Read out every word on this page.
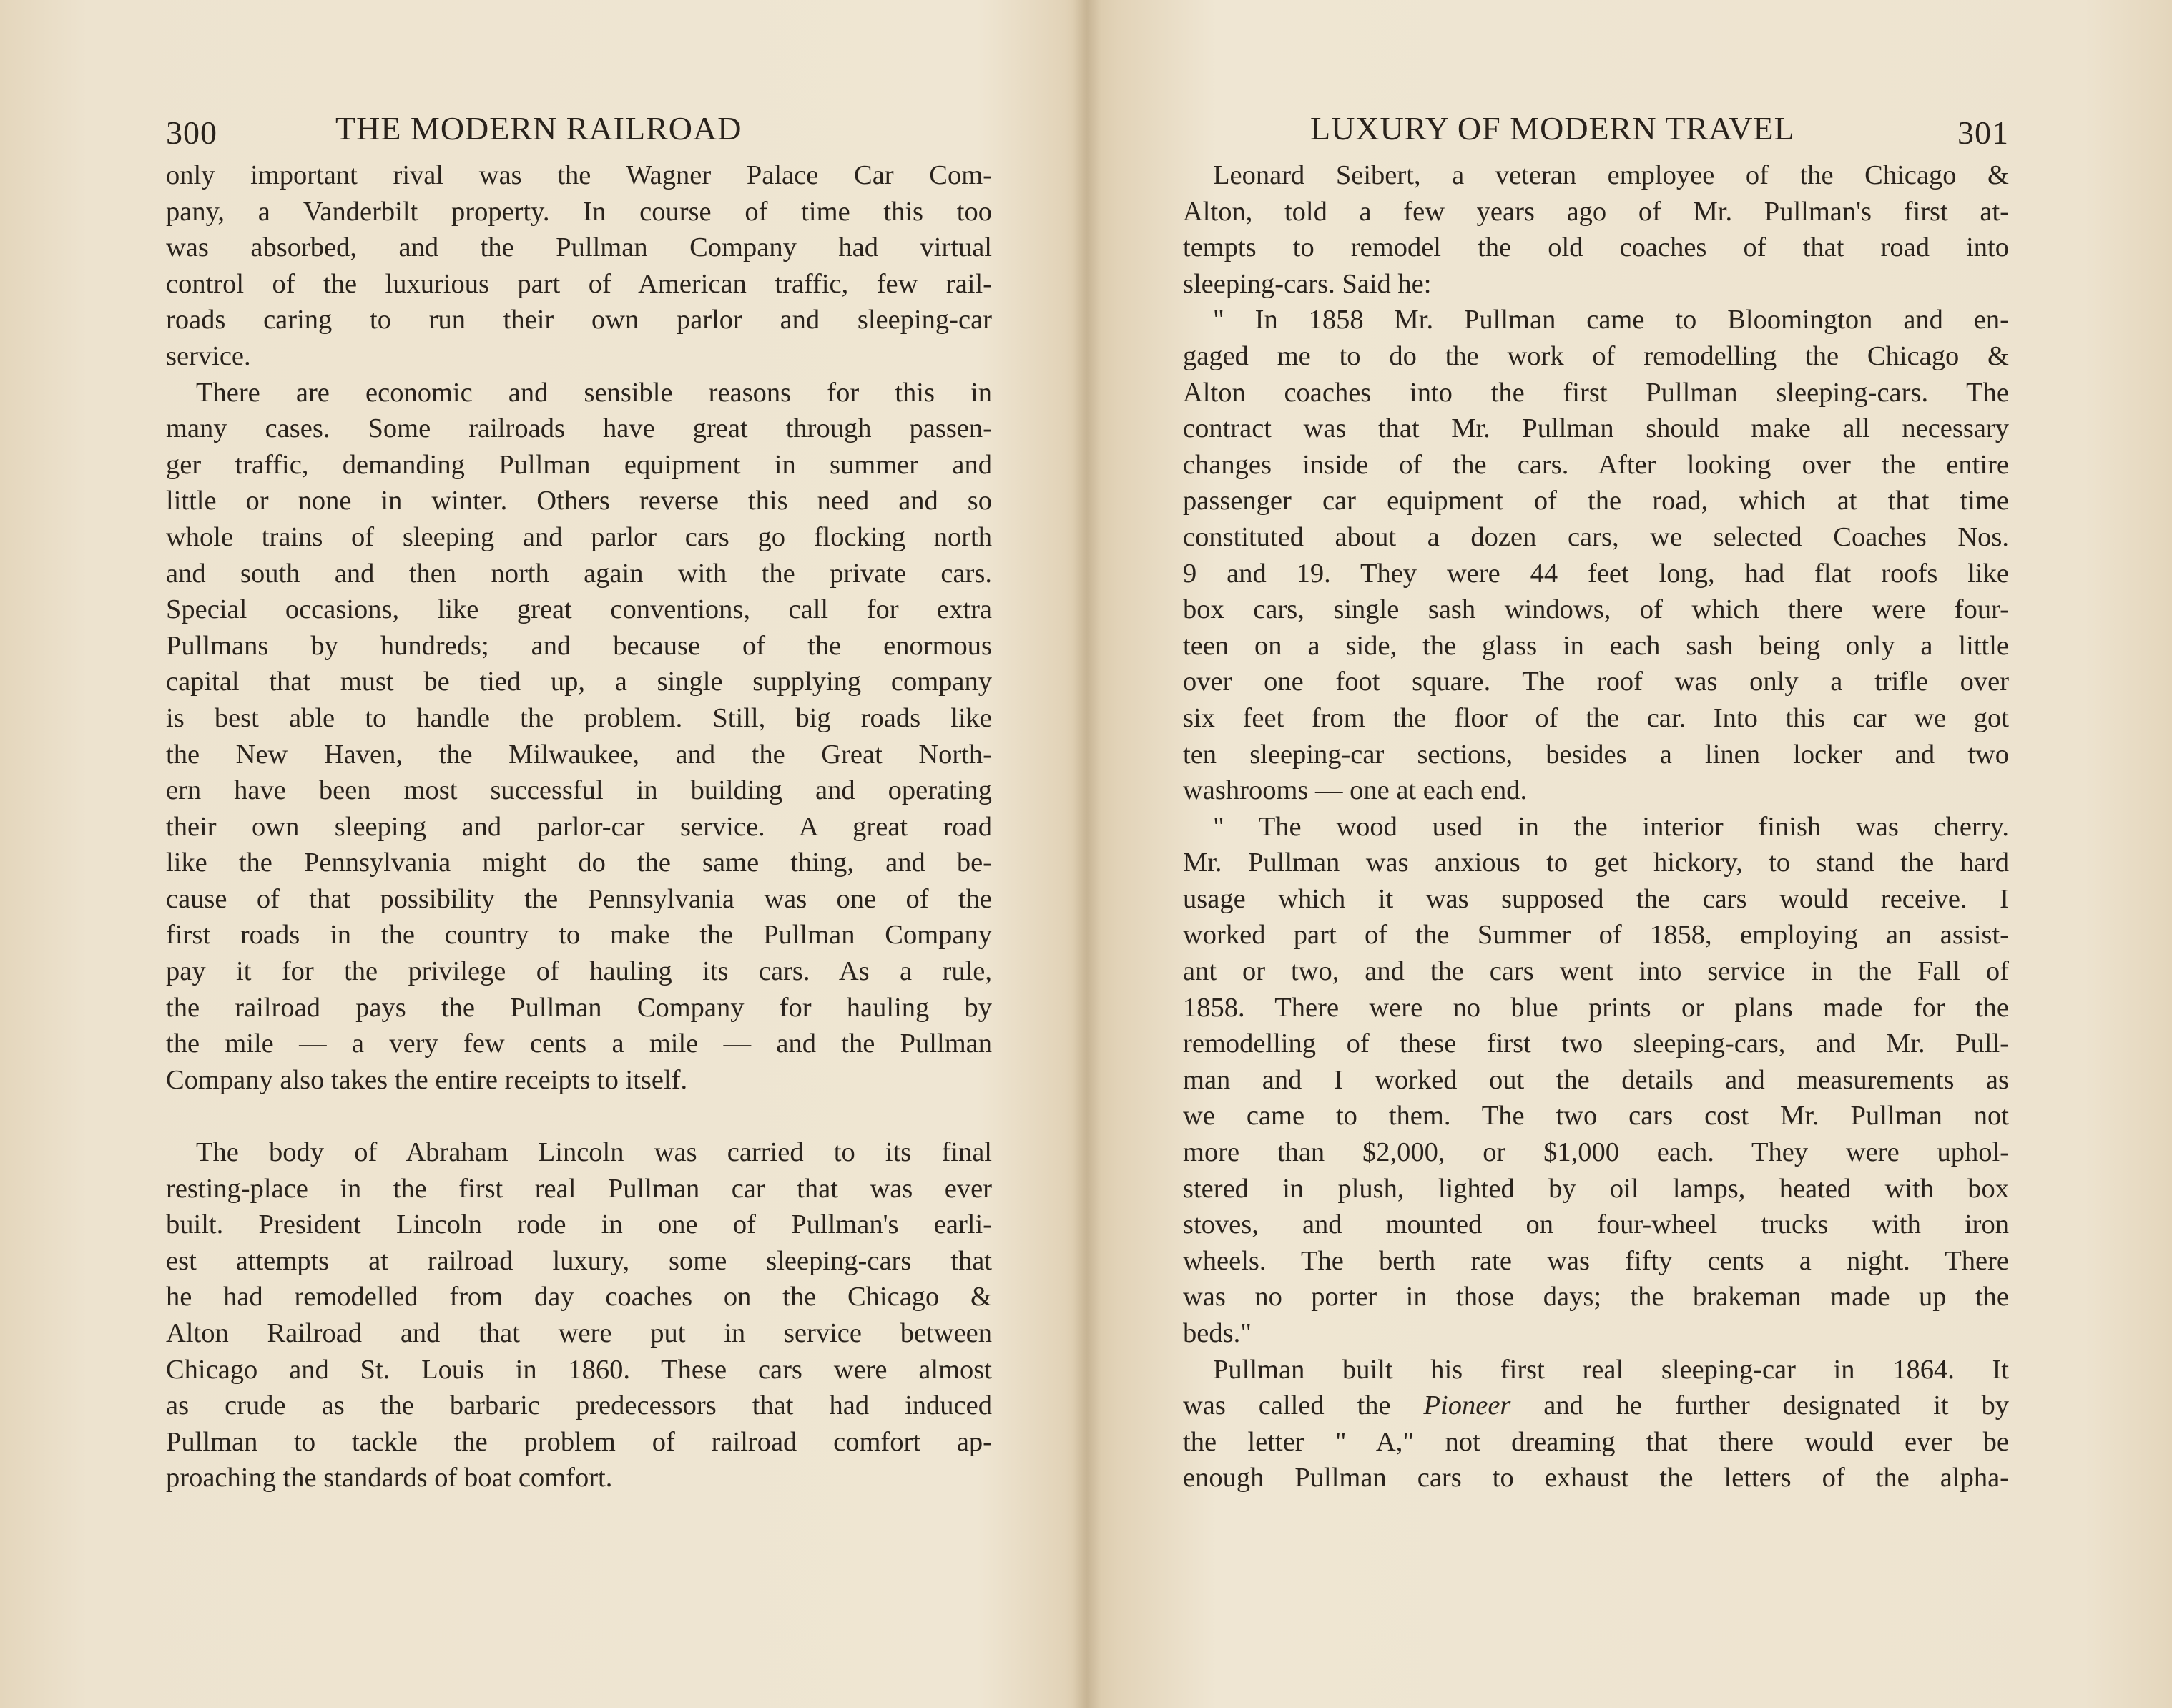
300	THE MODERN RAILROAD

only important rival was the Wagner Palace Car Com-

pany, a Vanderbilt property. In course of time this too

was absorbed, and the Pullman Company had virtual

control of the luxurious part of American traffic, few rail-

roads caring to run their own parlor and sleeping-car

service.

There are economic and sensible reasons for this in

many cases. Some railroads have great through passen-

ger traffic, demanding Pullman equipment in summer and

little or none in winter. Others reverse this need and so

whole trains of sleeping and parlor cars go flocking north

and south and then north again with the private cars.

Special occasions, like great conventions, call for extra

Pullmans by hundreds; and because of the enormous

capital that must be tied up, a single supplying company

is best able to handle the problem. Still, big roads like

the New Haven, the Milwaukee, and the Great North-

ern have been most successful in building and operating

their own sleeping and parlor-car service. A great road

like the Pennsylvania might do the same thing, and be-

cause of that possibility the Pennsylvania was one of the

first roads in the country to make the Pullman Company

pay it for the privilege of hauling its cars. As a rule,

the railroad pays the Pullman Company for hauling by

the mile — a very few cents a mile — and the Pullman

Company also takes the entire receipts to itself.

The body of Abraham Lincoln was carried to its final

resting-place in the first real Pullman car that was ever

built. President Lincoln rode in one of Pullman's earli-

est attempts at railroad luxury, some sleeping-cars that

he had remodelled from day coaches on the Chicago &

Alton Railroad and that were put in service between

Chicago and St. Louis in 1860. These cars were almost

as crude as the barbaric predecessors that had induced

Pullman to tackle the problem of railroad comfort ap-

proaching the standards of boat comfort.

LUXURY OF MODERN TRAVEL	301

Leonard Seibert, a veteran employee of the Chicago &

Alton, told a few years ago of Mr. Pullman's first at-

tempts to remodel the old coaches of that road into

sleeping-cars. Said he:

" In 1858 Mr. Pullman came to Bloomington and en-

gaged me to do the work of remodelling the Chicago &

Alton coaches into the first Pullman sleeping-cars. The

contract was that Mr. Pullman should make all necessary

changes inside of the cars. After looking over the entire

passenger car equipment of the road, which at that time

constituted about a dozen cars, we selected Coaches Nos.

9 and 19. They were 44 feet long, had flat roofs like

box cars, single sash windows, of which there were four-

teen on a side, the glass in each sash being only a little

over one foot square. The roof was only a trifle over

six feet from the floor of the car. Into this car we got

ten sleeping-car sections, besides a linen locker and two

washrooms — one at each end.

" The wood used in the interior finish was cherry.

Mr. Pullman was anxious to get hickory, to stand the hard

usage which it was supposed the cars would receive. I

worked part of the Summer of 1858, employing an assist-

ant or two, and the cars went into service in the Fall of

1858. There were no blue prints or plans made for the

remodelling of these first two sleeping-cars, and Mr. Pull-

man and I worked out the details and measurements as

we came to them. The two cars cost Mr. Pullman not

more than $2,000, or $1,000 each. They were uphol-

stered in plush, lighted by oil lamps, heated with box

stoves, and mounted on four-wheel trucks with iron

wheels. The berth rate was fifty cents a night. There

was no porter in those days; the brakeman made up the

beds."

Pullman built his first real sleeping-car in 1864. It

was called the Pioneer and he further designated it by

the letter " A," not dreaming that there would ever be

enough Pullman cars to exhaust the letters of the alpha-
